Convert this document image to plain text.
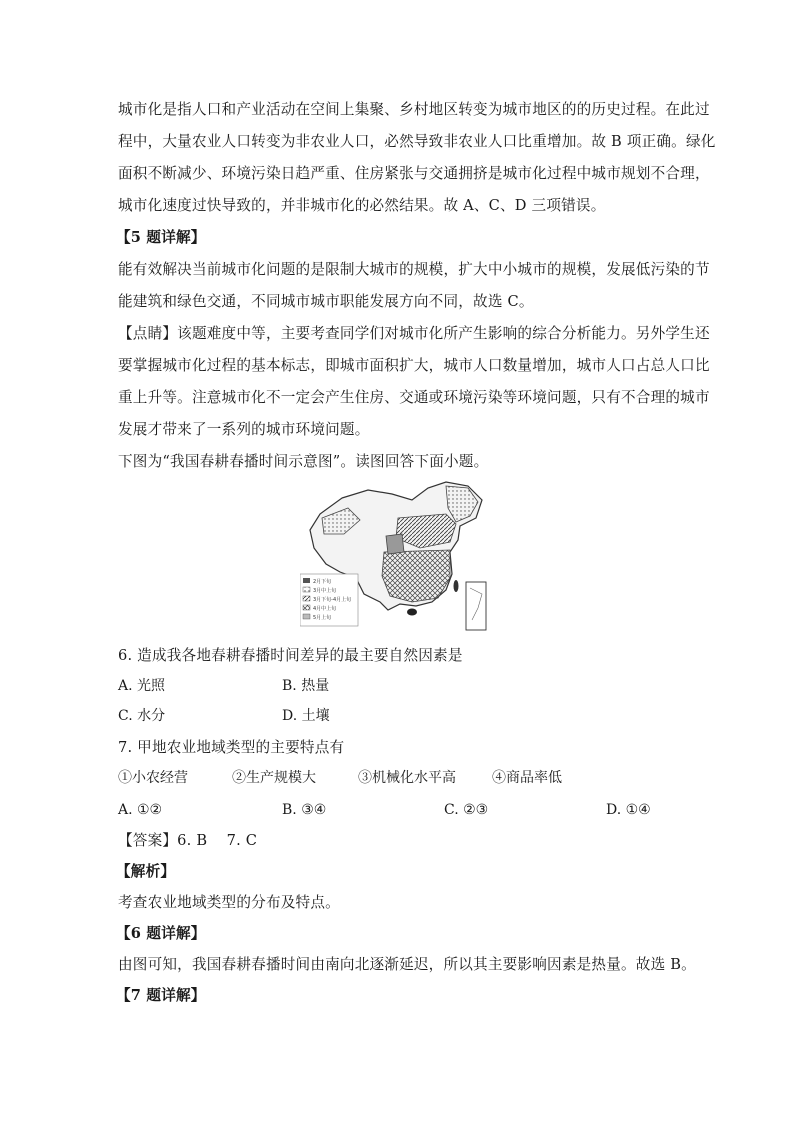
城市化是指人口和产业活动在空间上集聚、乡村地区转变为城市地区的的历史过程。在此过
程中，大量农业人口转变为非农业人口，必然导致非农业人口比重增加。故 B 项正确。绿化
面积不断减少、环境污染日趋严重、住房紧张与交通拥挤是城市化过程中城市规划不合理，
城市化速度过快导致的，并非城市化的必然结果。故 A、C、D 三项错误。
【5 题详解】
能有效解决当前城市化问题的是限制大城市的规模，扩大中小城市的规模，发展低污染的节
能建筑和绿色交通，不同城市城市职能发展方向不同，故选 C。
【点睛】该题难度中等，主要考查同学们对城市化所产生影响的综合分析能力。另外学生还
要掌握城市化过程的基本标志，即城市面积扩大，城市人口数量增加，城市人口占总人口比
重上升等。注意城市化不一定会产生住房、交通或环境污染等环境问题，只有不合理的城市
发展才带来了一系列的城市环境问题。
下图为“我国春耕春播时间示意图”。读图回答下面小题。
2月下旬
3月中上旬
3月下旬-4月上旬
4月中上旬
5月上旬
6. 造成我各地春耕春播时间差异的最主要自然因素是
A. 光照	B. 热量
C. 水分	D. 土壤
7. 甲地农业地域类型的主要特点有
①小农经营	②生产规模大	③机械化水平高	④商品率低
A. ①②	B. ③④	C. ②③	D. ①④
【答案】6. B    7. C
【解析】
考查农业地域类型的分布及特点。
【6 题详解】
由图可知，我国春耕春播时间由南向北逐渐延迟，所以其主要影响因素是热量。故选 B。
【7 题详解】
